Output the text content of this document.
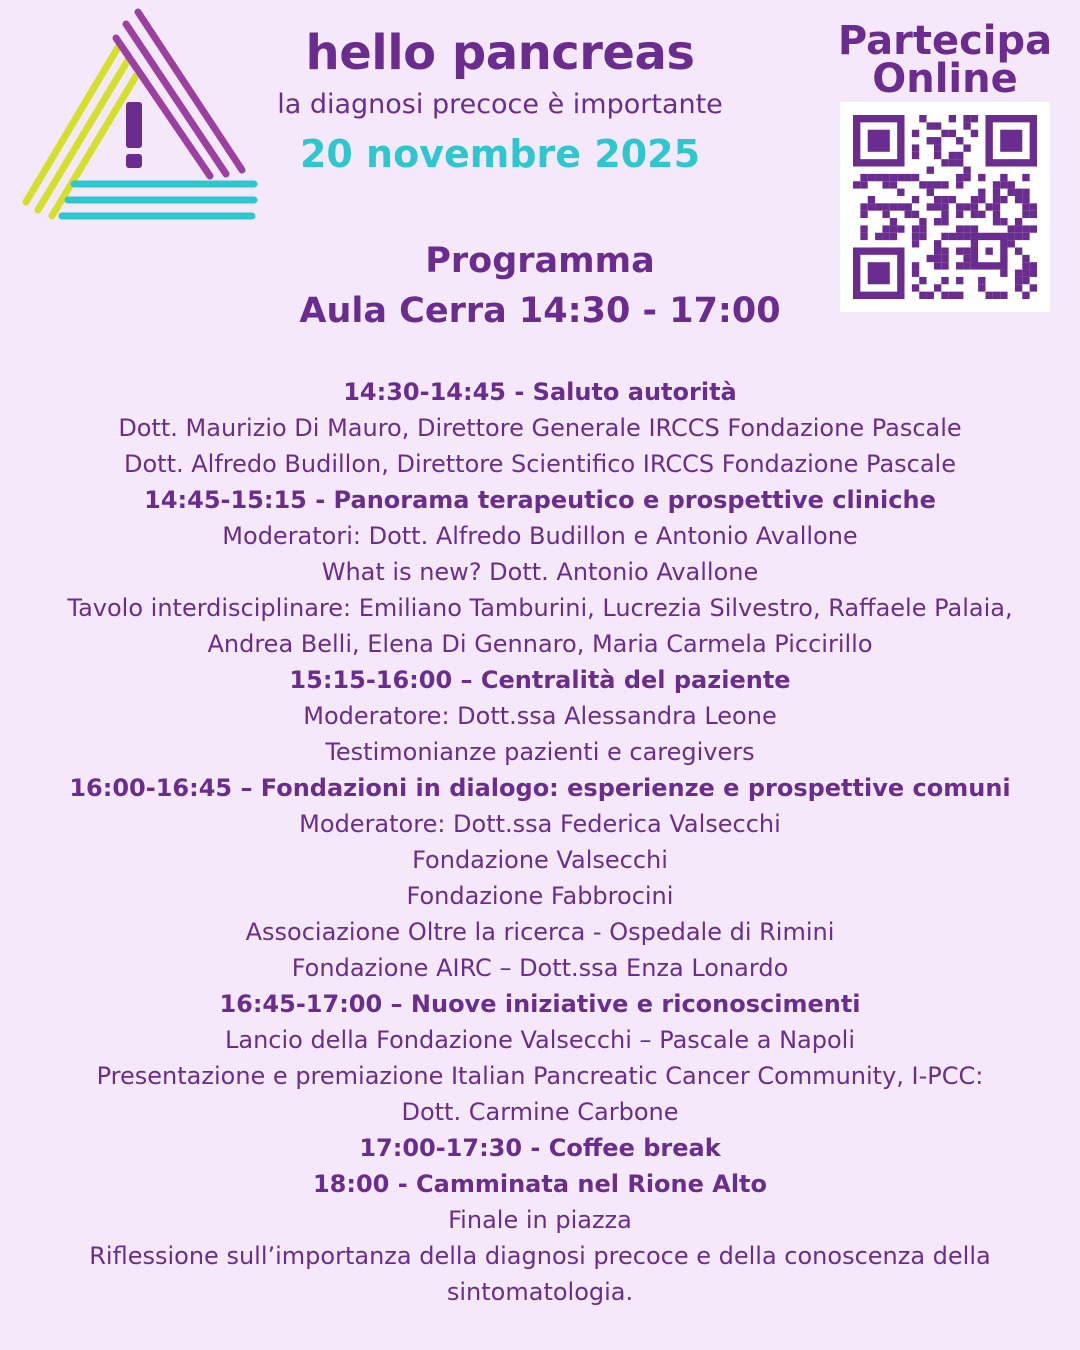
hello pancreas
la diagnosi precoce è importante
20 novembre 2025
Partecipa
Online
Programma
Aula Cerra 14:30 - 17:00
14:30-14:45 - Saluto autorità
Dott. Maurizio Di Mauro, Direttore Generale IRCCS Fondazione Pascale
Dott. Alfredo Budillon, Direttore Scientifico IRCCS Fondazione Pascale
14:45-15:15 - Panorama terapeutico e prospettive cliniche
Moderatori: Dott. Alfredo Budillon e Antonio Avallone
What is new? Dott. Antonio Avallone
Tavolo interdisciplinare: Emiliano Tamburini, Lucrezia Silvestro, Raffaele Palaia,
Andrea Belli, Elena Di Gennaro, Maria Carmela Piccirillo
15:15-16:00 – Centralità del paziente
Moderatore: Dott.ssa Alessandra Leone
Testimonianze pazienti e caregivers
16:00-16:45 – Fondazioni in dialogo: esperienze e prospettive comuni
Moderatore: Dott.ssa Federica Valsecchi
Fondazione Valsecchi
Fondazione Fabbrocini
Associazione Oltre la ricerca - Ospedale di Rimini
Fondazione AIRC – Dott.ssa Enza Lonardo
16:45-17:00 – Nuove iniziative e riconoscimenti
Lancio della Fondazione Valsecchi – Pascale a Napoli
Presentazione e premiazione Italian Pancreatic Cancer Community, I-PCC:
Dott. Carmine Carbone
17:00-17:30 - Coffee break
18:00 - Camminata nel Rione Alto
Finale in piazza
Riflessione sull’importanza della diagnosi precoce e della conoscenza della
sintomatologia.
